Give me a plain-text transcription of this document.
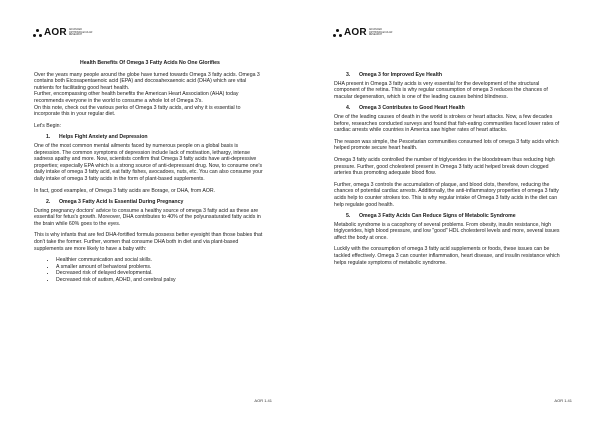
AOR ADVANCED ORTHOMOLECULAR RESEARCH
Health Benefits Of Omega 3 Fatty Acids No One Glorifies

Over the years many people around the globe have turned towards Omega 3 fatty acids. Omega 3 contains both Eicosapentaenoic acid (EPA) and docosahexaenoic acid (DHA) which are vital nutrients for facilitating good heart health.

Further, encompassing other health benefits the American Heart Association (AHA) today recommends everyone in the world to consume a whole lot of Omega 3's.

On this note, check out the various perks of Omega 3 fatty acids, and why it is essential to incorporate this in your regular diet.

Let's Begin:

1. Helps Fight Anxiety and Depression

One of the most common mental ailments faced by numerous people on a global basis is depression. The common symptoms of depression include lack of motivation, lethargy, intense sadness apathy and more. Now, scientists confirm that Omega 3 fatty acids have anti-depressive properties; especially EPA which is a strong source of anti-depressant drug. Now, to consume one's daily intake of omega 3 fatty acid, eat fatty fishes, avocadoes, nuts, etc. You can also consume your daily intake of omega 3 fatty acids in the form of plant-based supplements.

In fact, good examples, of Omega 3 fatty acids are Borage, or DHA, from AOR.

2. Omega 3 Fatty Acid Is Essential During Pregnancy

During pregnancy doctors' advice to consume a healthy source of omega 3 fatty acid as these are essential for fetus's growth. Moreover, DHA contributes to 40% of the polyunsaturated fatty acids in the brain while 60% goes to the eyes.

This is why infants that are fed DHA-fortified formula possess better eyesight than those babies that don't take the former. Further, women that consume DHA both in diet and via plant-based supplements are more likely to have a baby with:

• Healthier communication and social skills.
• A smaller amount of behavioral problems.
• Decreased risk of delayed developmental.
• Decreased risk of autism, ADHD, and cerebral palsy
AOR 1.41
AOR ADVANCED ORTHOMOLECULAR RESEARCH
3. Omega 3 for Improved Eye Health

DHA present in Omega 3 fatty acids is very essential for the development of the structural component of the retina. This is why regular consumption of omega 3 reduces the chances of macular degeneration, which is one of the leading causes behind blindness.

4. Omega 3 Contributes to Good Heart Health

One of the leading causes of death in the world is strokes or heart attacks. Now, a few decades before, researches conducted surveys and found that fish-eating communities faced lower rates of cardiac arrests while countries in America saw higher rates of heart attacks.

The reason was simple, the Pescetarian communities consumed lots of omega 3 fatty acids which helped promote secure heart health.

Omega 3 fatty acids controlled the number of triglycerides in the bloodstream thus reducing high pressure. Further, good cholesterol present in Omega 3 fatty acid helped break down clogged arteries thus promoting adequate blood flow.

Further, omega 3 controls the accumulation of plaque, and blood clots, therefore, reducing the chances of potential cardiac arrests. Additionally, the anti-inflammatory properties of omega 3 fatty acids help to counter strokes too. This is why regular intake of Omega 3 fatty acids in the diet can help regulate good health.

5. Omega 3 Fatty Acids Can Reduce Signs of Metabolic Syndrome

Metabolic syndrome is a cacophony of several problems. From obesity, insulin resistance, high triglycerides, high blood pressure, and low "good" HDL cholesterol levels and more, several issues affect the body at once.

Luckily with the consumption of omega 3 fatty acid supplements or foods, these issues can be tackled effectively. Omega 3 can counter inflammation, heart disease, and insulin resistance which helps regulate symptoms of metabolic syndrome.

AOR 1.41
